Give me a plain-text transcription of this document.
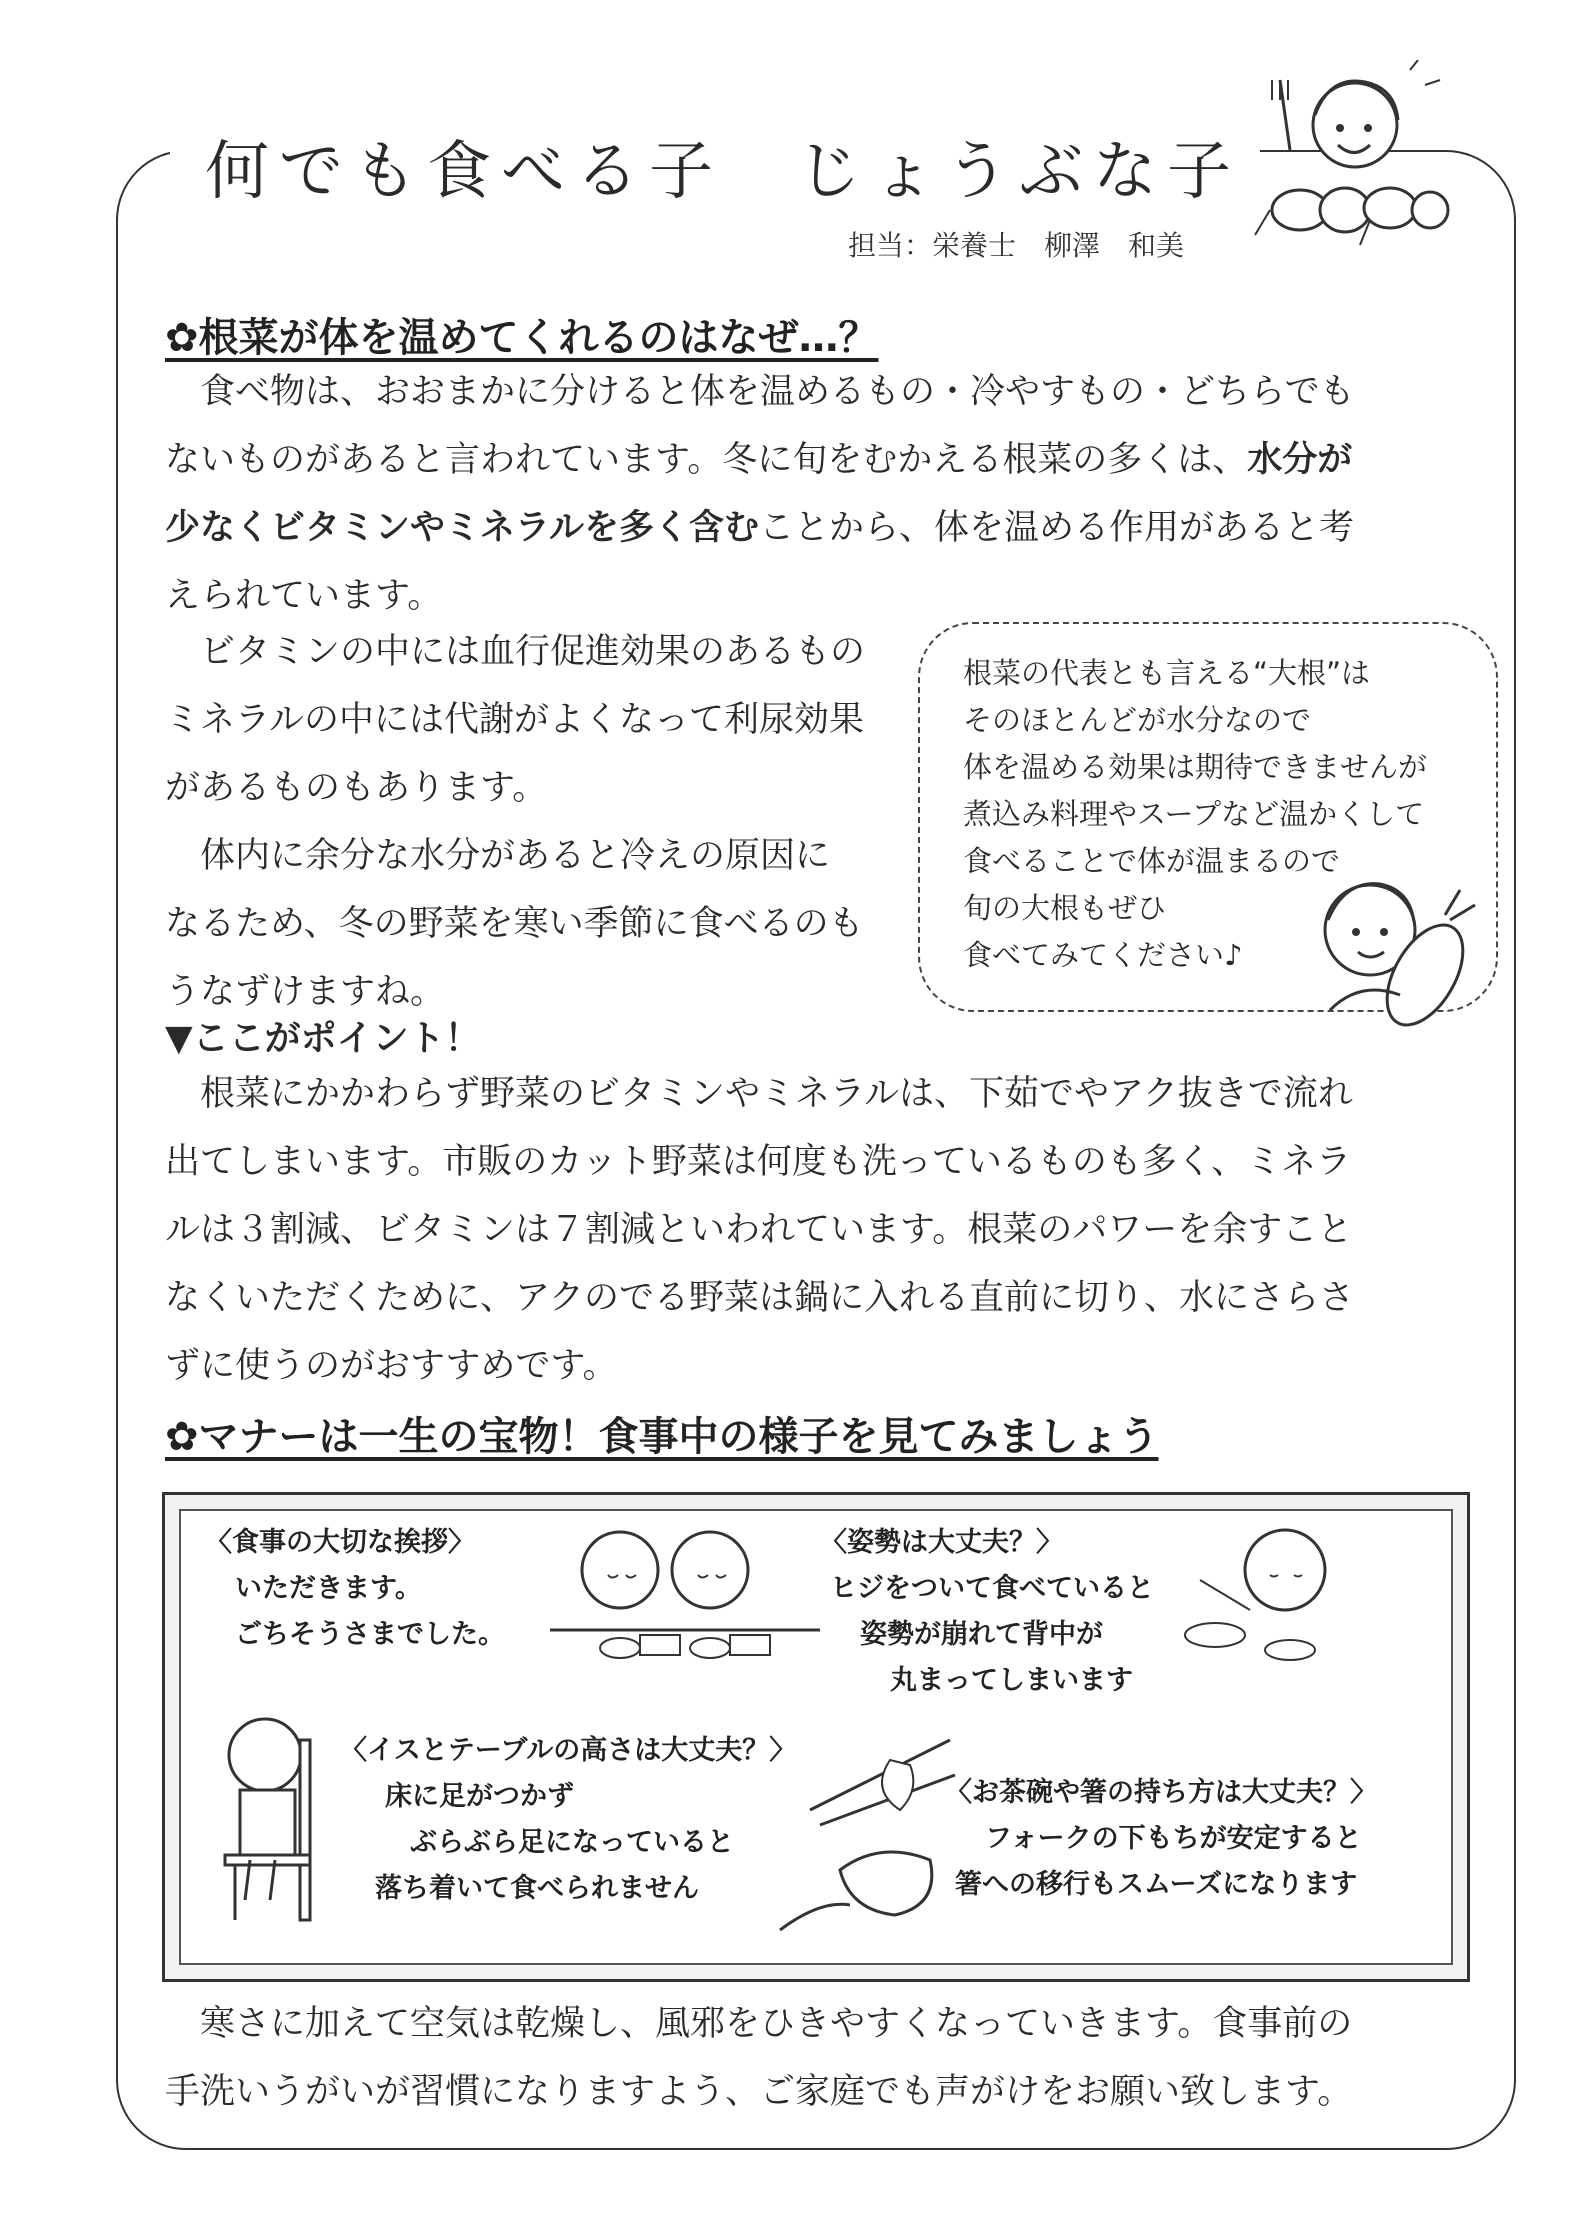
何でも食べる子　じょうぶな子
担当：栄養士　柳澤　和美
✿根菜が体を温めてくれるのはなぜ…？
　食べ物は、おおまかに分けると体を温めるもの・冷やすもの・どちらでも
ないものがあると言われています。冬に旬をむかえる根菜の多くは、水分が
少なくビタミンやミネラルを多く含むことから、体を温める作用があると考
えられています。
　ビタミンの中には血行促進効果のあるもの
ミネラルの中には代謝がよくなって利尿効果
があるものもあります。
　体内に余分な水分があると冷えの原因に
なるため、冬の野菜を寒い季節に食べるのも
うなずけますね。
根菜の代表とも言える“大根”は
そのほとんどが水分なので
体を温める効果は期待できませんが
煮込み料理やスープなど温かくして
食べることで体が温まるので
旬の大根もぜひ
食べてみてください♪
▼ここがポイント！
　根菜にかかわらず野菜のビタミンやミネラルは、下茹でやアク抜きで流れ
出てしまいます。市販のカット野菜は何度も洗っているものも多く、ミネラ
ルは３割減、ビタミンは７割減といわれています。根菜のパワーを余すこと
なくいただくために、アクのでる野菜は鍋に入れる直前に切り、水にさらさ
ずに使うのがおすすめです。
✿マナーは一生の宝物！食事中の様子を見てみましょう
〈食事の大切な挨拶〉
いただきます。
ごちそうさまでした。
〈姿勢は大丈夫？〉
ヒジをついて食べていると
姿勢が崩れて背中が
丸まってしまいます
〈イスとテーブルの高さは大丈夫？〉
床に足がつかず
ぶらぶら足になっていると
落ち着いて食べられません
〈お茶碗や箸の持ち方は大丈夫？〉
フォークの下もちが安定すると
箸への移行もスムーズになります
　寒さに加えて空気は乾燥し、風邪をひきやすくなっていきます。食事前の
手洗いうがいが習慣になりますよう、ご家庭でも声がけをお願い致します。
